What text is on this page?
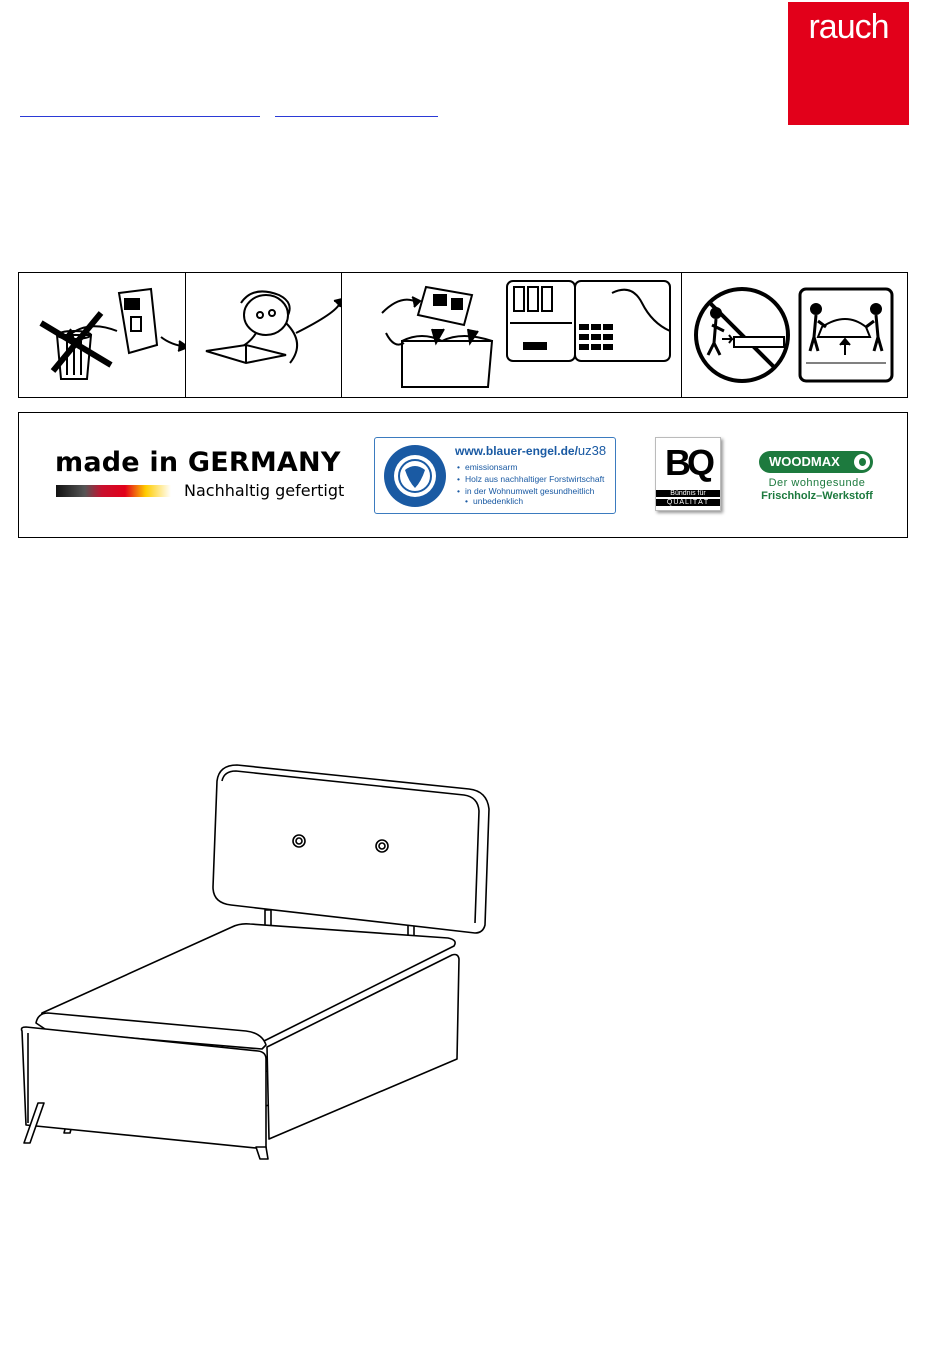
rauch
made in GERMANY
Nachhaltig gefertigt
www.blauer-engel.de/uz38
• emissionsarm
• Holz aus nachhaltiger Forstwirtschaft
• in der Wohnumwelt gesundheitlich
• unbedenklich
BQ
Bündnis für
QUALITÄT
WOODMAX
Der wohngesunde
Frischholz–Werkstoff
